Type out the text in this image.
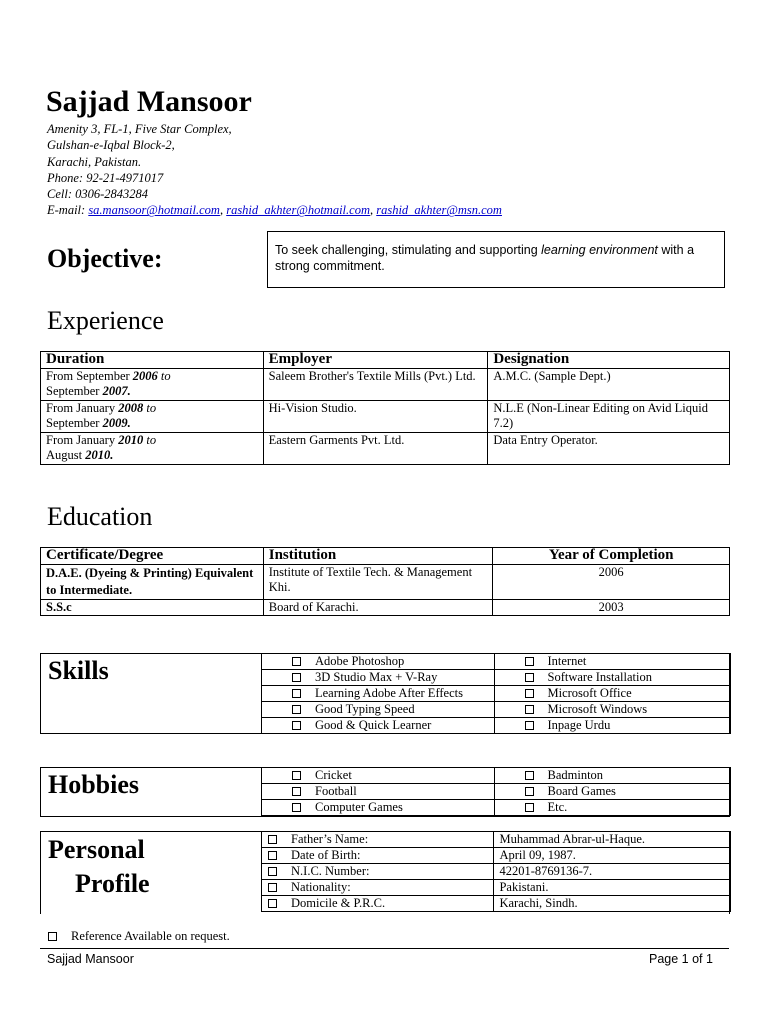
Sajjad Mansoor
Amenity 3, FL-1, Five Star Complex,
Gulshan-e-Iqbal Block-2,
Karachi, Pakistan.
Phone: 92-21-4971017
Cell: 0306-2843284
E-mail: sa.mansoor@hotmail.com, rashid_akhter@hotmail.com, rashid_akhter@msn.com
Objective:	To seek challenging, stimulating and supporting learning environment with a strong commitment.
Experience
Duration	Employer	Designation
From September 2006 to
September 2007.	Saleem Brother's Textile Mills (Pvt.) Ltd.	A.M.C. (Sample Dept.)
From January 2008 to
September 2009.	Hi-Vision Studio.	N.L.E (Non-Linear Editing on Avid Liquid 7.2)
From January 2010 to
August 2010.	Eastern Garments Pvt. Ltd.	Data Entry Operator.
Education
Certificate/Degree	Institution	Year of Completion
D.A.E. (Dyeing & Printing) Equivalent to Intermediate.	Institute of Textile Tech. & Management Khi.	2006
S.S.c	Board of Karachi.	2003
Skills	Adobe Photoshop	Internet
3D Studio Max + V-Ray	Software Installation
Learning Adobe After Effects	Microsoft Office
Good Typing Speed	Microsoft Windows
Good & Quick Learner	Inpage Urdu
Hobbies	Cricket	Badminton
Football	Board Games
Computer Games	Etc.
Personal
Profile
Father’s Name:	Muhammad Abrar-ul-Haque.
Date of Birth:	April 09, 1987.
N.I.C. Number:	42201-8769136-7.
Nationality:	Pakistani.
Domicile & P.R.C.	Karachi, Sindh.
Reference Available on request.
Sajjad Mansoor	Page 1 of 1
